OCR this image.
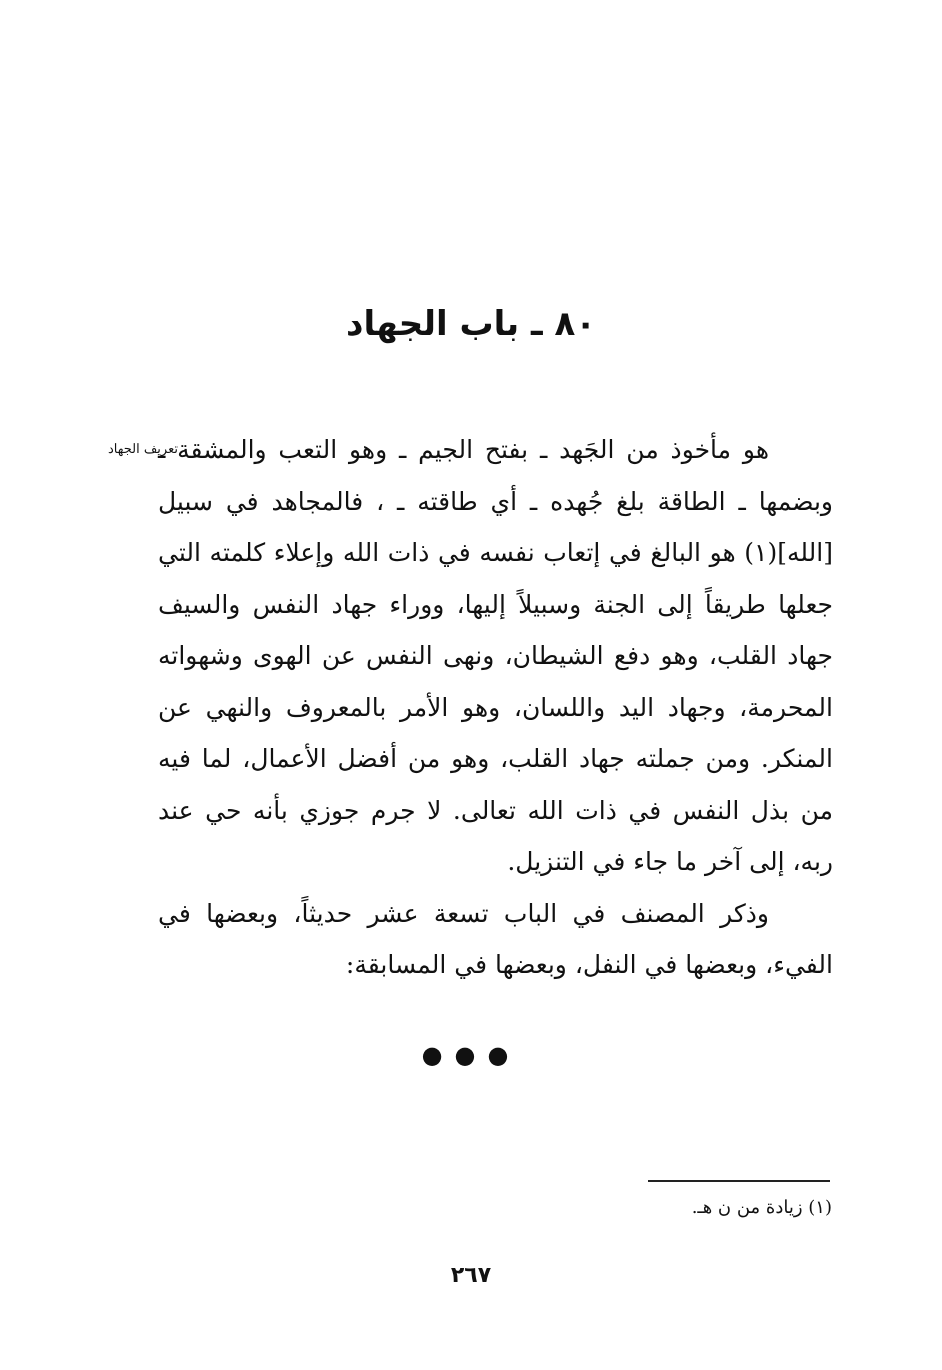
٨٠ ـ باب الجهاد
تعريف الجهاد

هو مأخوذ من الجَهد ـ بفتح الجيم ـ وهو التعب والمشقة ـ وبضمها ـ الطاقة بلغ جُهده ـ أي طاقته ـ ، فالمجاهد في سبيل [الله](١) هو البالغ في إتعاب نفسه في ذات الله وإعلاء كلمته التي جعلها طريقاً إلى الجنة وسبيلاً إليها، ووراء جهاد النفس والسيف جهاد القلب، وهو دفع الشيطان، ونهى النفس عن الهوى وشهواته المحرمة، وجهاد اليد واللسان، وهو الأمر بالمعروف والنهي عن المنكر. ومن جملته جهاد القلب، وهو من أفضل الأعمال، لما فيه من بذل النفس في ذات الله تعالى. لا جرم جوزي بأنه حي عند ربه، إلى آخر ما جاء في التنزيل.

وذكر المصنف في الباب تسعة عشر حديثاً، وبعضها في الفيء، وبعضها في النفل، وبعضها في المسابقة:

●●●
(١) زيادة من ن هـ.
٢٦٧
